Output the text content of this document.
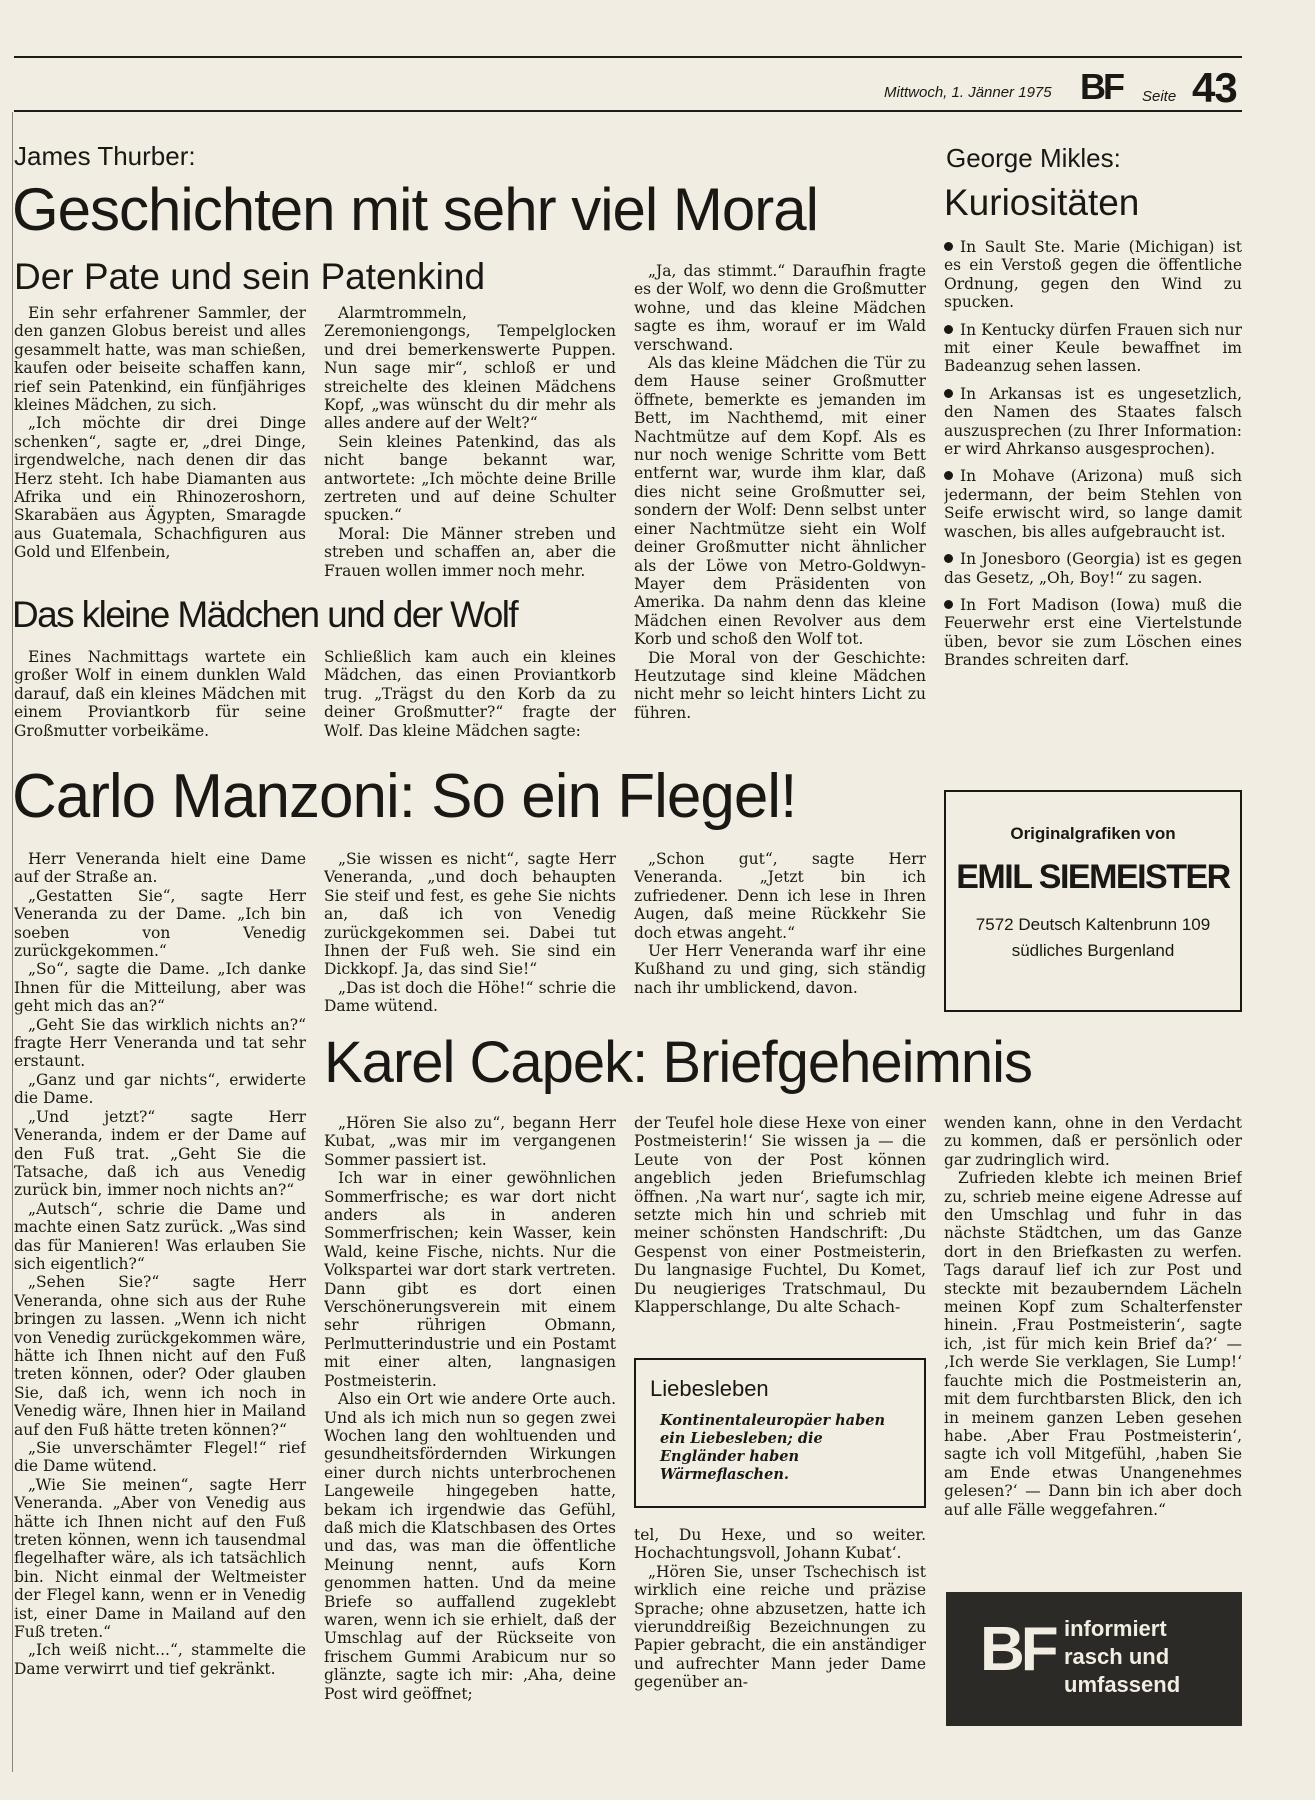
Mittwoch, 1. Jänner 1975 BF Seite 43
James Thurber:
Geschichten mit sehr viel Moral
Der Pate und sein Patenkind

Ein sehr erfahrener Sammler, der den ganzen Globus bereist und alles gesammelt hatte, was man schießen, kaufen oder beiseite schaffen kann, rief sein Patenkind, ein fünfjähriges kleines Mädchen, zu sich.

„Ich möchte dir drei Dinge schenken“, sagte er, „drei Dinge, irgendwelche, nach denen dir das Herz steht. Ich habe Diamanten aus Afrika und ein Rhinozeroshorn, Skarabäen aus Ägypten, Smaragde aus Guatemala, Schachfiguren aus Gold und Elfenbein,

Alarmtrommeln, Zeremoniengongs, Tempelglocken und drei bemerkenswerte Puppen. Nun sage mir“, schloß er und streichelte des kleinen Mädchens Kopf, „was wünscht du dir mehr als alles andere auf der Welt?“

Sein kleines Patenkind, das als nicht bange bekannt war, antwortete: „Ich möchte deine Brille zertreten und auf deine Schulter spucken.“

Moral: Die Männer streben und streben und schaffen an, aber die Frauen wollen immer noch mehr.

Das kleine Mädchen und der Wolf

Eines Nachmittags wartete ein großer Wolf in einem dunklen Wald darauf, daß ein kleines Mädchen mit einem Proviantkorb für seine Großmutter vorbeikäme.

Schließlich kam auch ein kleines Mädchen, das einen Proviantkorb trug. „Trägst du den Korb da zu deiner Großmutter?“ fragte der Wolf. Das kleine Mädchen sagte:

„Ja, das stimmt.“ Daraufhin fragte es der Wolf, wo denn die Großmutter wohne, und das kleine Mädchen sagte es ihm, worauf er im Wald verschwand.

Als das kleine Mädchen die Tür zu dem Hause seiner Großmutter öffnete, bemerkte es jemanden im Bett, im Nachthemd, mit einer Nachtmütze auf dem Kopf. Als es nur noch wenige Schritte vom Bett entfernt war, wurde ihm klar, daß dies nicht seine Großmutter sei, sondern der Wolf: Denn selbst unter einer Nachtmütze sieht ein Wolf deiner Großmutter nicht ähnlicher als der Löwe von Metro-Goldwyn-Mayer dem Präsidenten von Amerika. Da nahm denn das kleine Mädchen einen Revolver aus dem Korb und schoß den Wolf tot.

Die Moral von der Geschichte: Heutzutage sind kleine Mädchen nicht mehr so leicht hinters Licht zu führen.

George Mikles:
Kuriositäten
In Sault Ste. Marie (Michigan) ist es ein Verstoß gegen die öffentliche Ordnung, gegen den Wind zu spucken.
In Kentucky dürfen Frauen sich nur mit einer Keule bewaffnet im Badeanzug sehen lassen.
In Arkansas ist es ungesetzlich, den Namen des Staates falsch auszusprechen (zu Ihrer Information: er wird Ahrkanso ausgesprochen).
In Mohave (Arizona) muß sich jedermann, der beim Stehlen von Seife erwischt wird, so lange damit waschen, bis alles aufgebraucht ist.
In Jonesboro (Georgia) ist es gegen das Gesetz, „Oh, Boy!“ zu sagen.
In Fort Madison (Iowa) muß die Feuerwehr erst eine Viertelstunde üben, bevor sie zum Löschen eines Brandes schreiten darf.
Originalgrafiken von
EMIL SIEMEISTER
7572 Deutsch Kaltenbrunn 109
südliches Burgenland
Carlo Manzoni: So ein Flegel!

Herr Veneranda hielt eine Dame auf der Straße an.

„Gestatten Sie“, sagte Herr Veneranda zu der Dame. „Ich bin soeben von Venedig zurückgekommen.“

„So“, sagte die Dame. „Ich danke Ihnen für die Mitteilung, aber was geht mich das an?“

„Geht Sie das wirklich nichts an?“ fragte Herr Veneranda und tat sehr erstaunt.

„Ganz und gar nichts“, erwiderte die Dame.

„Und jetzt?“ sagte Herr Veneranda, indem er der Dame auf den Fuß trat. „Geht Sie die Tatsache, daß ich aus Venedig zurück bin, immer noch nichts an?“

„Autsch“, schrie die Dame und machte einen Satz zurück. „Was sind das für Manieren! Was erlauben Sie sich eigentlich?“

„Sehen Sie?“ sagte Herr Veneranda, ohne sich aus der Ruhe bringen zu lassen. „Wenn ich nicht von Venedig zurückgekommen wäre, hätte ich Ihnen nicht auf den Fuß treten können, oder? Oder glauben Sie, daß ich, wenn ich noch in Venedig wäre, Ihnen hier in Mailand auf den Fuß hätte treten können?“

„Sie unverschämter Flegel!“ rief die Dame wütend.

„Wie Sie meinen“, sagte Herr Veneranda. „Aber von Venedig aus hätte ich Ihnen nicht auf den Fuß treten können, wenn ich tausendmal flegelhafter wäre, als ich tatsächlich bin. Nicht einmal der Weltmeister der Flegel kann, wenn er in Venedig ist, einer Dame in Mailand auf den Fuß treten.“

„Ich weiß nicht...“, stammelte die Dame verwirrt und tief gekränkt.

„Sie wissen es nicht“, sagte Herr Veneranda, „und doch behaupten Sie steif und fest, es gehe Sie nichts an, daß ich von Venedig zurückgekommen sei. Dabei tut Ihnen der Fuß weh. Sie sind ein Dickkopf. Ja, das sind Sie!“

„Das ist doch die Höhe!“ schrie die Dame wütend.

„Schon gut“, sagte Herr Veneranda. „Jetzt bin ich zufriedener. Denn ich lese in Ihren Augen, daß meine Rückkehr Sie doch etwas angeht.“

Uer Herr Veneranda warf ihr eine Kußhand zu und ging, sich ständig nach ihr umblickend, davon.

Karel Capek: Briefgeheimnis

„Hören Sie also zu“, begann Herr Kubat, „was mir im vergangenen Sommer passiert ist.

Ich war in einer gewöhnlichen Sommerfrische; es war dort nicht anders als in anderen Sommerfrischen; kein Wasser, kein Wald, keine Fische, nichts. Nur die Volkspartei war dort stark vertreten. Dann gibt es dort einen Verschönerungsverein mit einem sehr rührigen Obmann, Perlmutterindustrie und ein Postamt mit einer alten, langnasigen Postmeisterin.

Also ein Ort wie andere Orte auch. Und als ich mich nun so gegen zwei Wochen lang den wohltuenden und gesundheitsfördernden Wirkungen einer durch nichts unterbrochenen Langeweile hingegeben hatte, bekam ich irgendwie das Gefühl, daß mich die Klatschbasen des Ortes und das, was man die öffentliche Meinung nennt, aufs Korn genommen hatten. Und da meine Briefe so auffallend zugeklebt waren, wenn ich sie erhielt, daß der Umschlag auf der Rückseite von frischem Gummi Arabicum nur so glänzte, sagte ich mir: ‚Aha, deine Post wird geöffnet;

der Teufel hole diese Hexe von einer Postmeisterin!‘ Sie wissen ja — die Leute von der Post können angeblich jeden Briefumschlag öffnen. ‚Na wart nur‘, sagte ich mir, setzte mich hin und schrieb mit meiner schönsten Handschrift: ‚Du Gespenst von einer Postmeisterin, Du langnasige Fuchtel, Du Komet, Du neugieriges Tratschmaul, Du Klapperschlange, Du alte Schach-

Liebesleben
Kontinentaleuropäer haben ein Liebesleben; die Engländer haben Wärmeflaschen.

tel, Du Hexe, und so weiter. Hochachtungsvoll, Johann Kubat‘.

„Hören Sie, unser Tschechisch ist wirklich eine reiche und präzise Sprache; ohne abzusetzen, hatte ich vierunddreißig Bezeichnungen zu Papier gebracht, die ein anständiger und aufrechter Mann jeder Dame gegenüber an-

wenden kann, ohne in den Verdacht zu kommen, daß er persönlich oder gar zudringlich wird.

Zufrieden klebte ich meinen Brief zu, schrieb meine eigene Adresse auf den Umschlag und fuhr in das nächste Städtchen, um das Ganze dort in den Briefkasten zu werfen. Tags darauf lief ich zur Post und steckte mit bezauberndem Lächeln meinen Kopf zum Schalterfenster hinein. ‚Frau Postmeisterin‘, sagte ich, ‚ist für mich kein Brief da?‘ — ‚Ich werde Sie verklagen, Sie Lump!‘ fauchte mich die Postmeisterin an, mit dem furchtbarsten Blick, den ich in meinem ganzen Leben gesehen habe. ‚Aber Frau Postmeisterin‘, sagte ich voll Mitgefühl, ‚haben Sie am Ende etwas Unangenehmes gelesen?‘ — Dann bin ich aber doch auf alle Fälle weggefahren.“

BF informiert
rasch und
umfassend
